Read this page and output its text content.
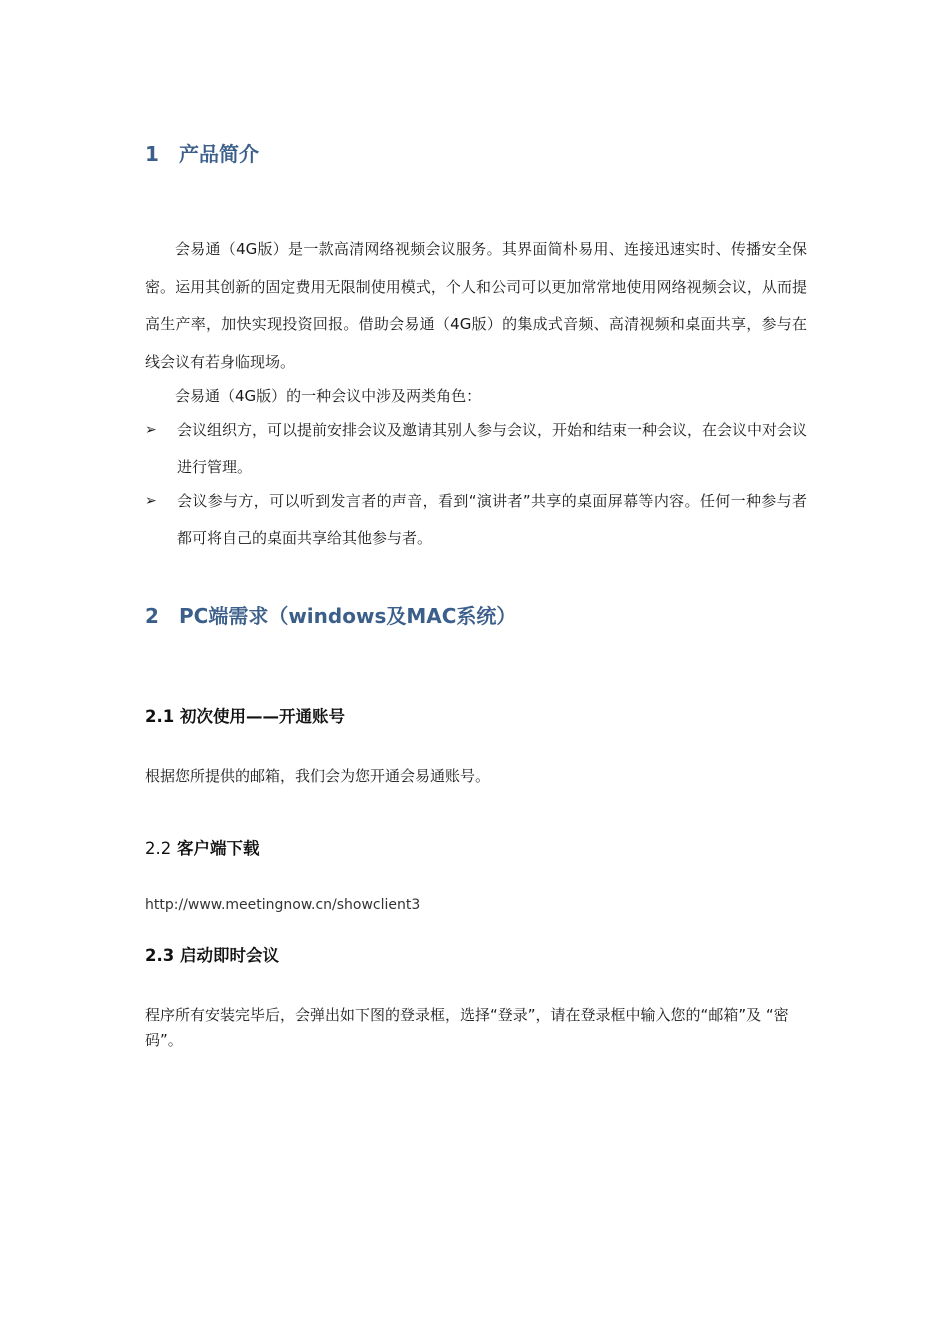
1 产品简介
会易通（4G版）是一款高清网络视频会议服务。其界面简朴易用、连接迅速实时、传播安全保密。运用其创新的固定费用无限制使用模式，个人和公司可以更加常常地使用网络视频会议，从而提高生产率，加快实现投资回报。借助会易通（4G版）的集成式音频、高清视频和桌面共享，参与在线会议有若身临现场。
会易通（4G版）的一种会议中涉及两类角色：
➢ 会议组织方，可以提前安排会议及邀请其别人参与会议，开始和结束一种会议，在会议中对会议进行管理。
➢ 会议参与方，可以听到发言者的声音，看到“演讲者”共享的桌面屏幕等内容。任何一种参与者都可将自己的桌面共享给其他参与者。
2 PC端需求（windows及MAC系统）
2.1 初次使用——开通账号
根据您所提供的邮箱，我们会为您开通会易通账号。
2.2 客户端下载
http://www.meetingnow.cn/showclient3
2.3 启动即时会议
程序所有安装完毕后，会弹出如下图的登录框，选择“登录”，请在登录框中输入您的“邮箱”及 “密码”。
